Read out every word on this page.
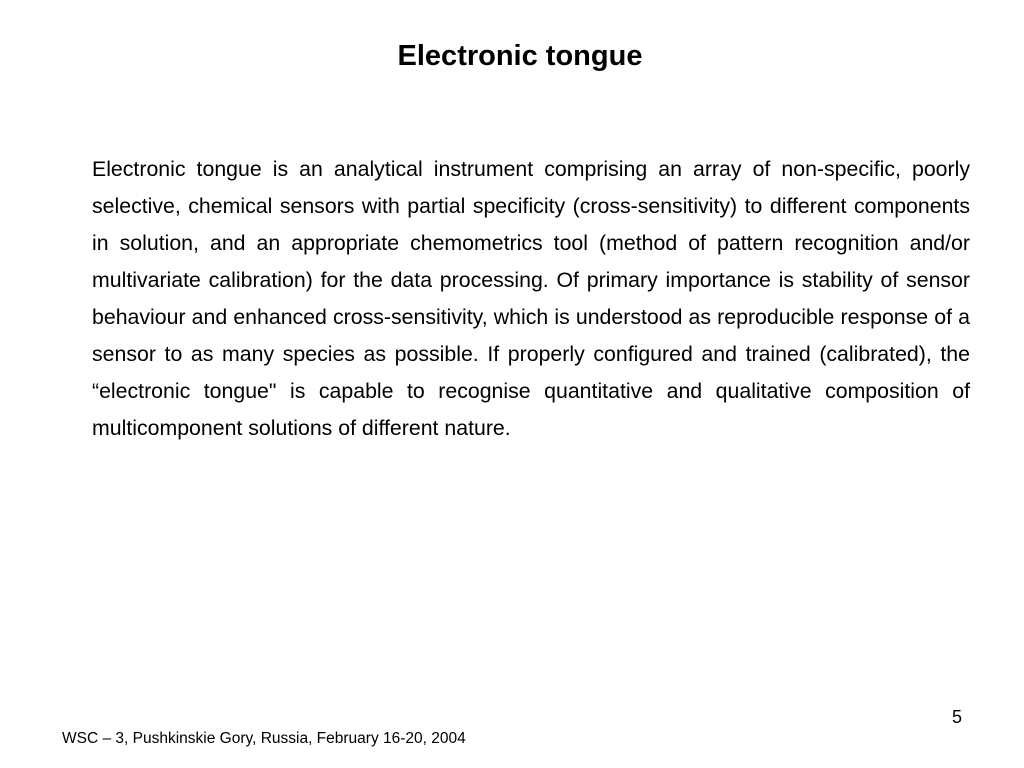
Electronic tongue

Electronic tongue is an analytical instrument comprising an array of non-specific, poorly selective, chemical sensors with partial specificity (cross-sensitivity) to different components in solution, and an appropriate chemometrics tool (method of pattern recognition and/or multivariate calibration) for the data processing. Of primary importance is stability of sensor behaviour and enhanced cross-sensitivity, which is understood as reproducible response of a sensor to as many species as possible. If properly configured and trained (calibrated), the “electronic tongue" is capable to recognise quantitative and qualitative composition of multicomponent solutions of different nature.

5
WSC – 3, Pushkinskie Gory, Russia, February 16-20, 2004
